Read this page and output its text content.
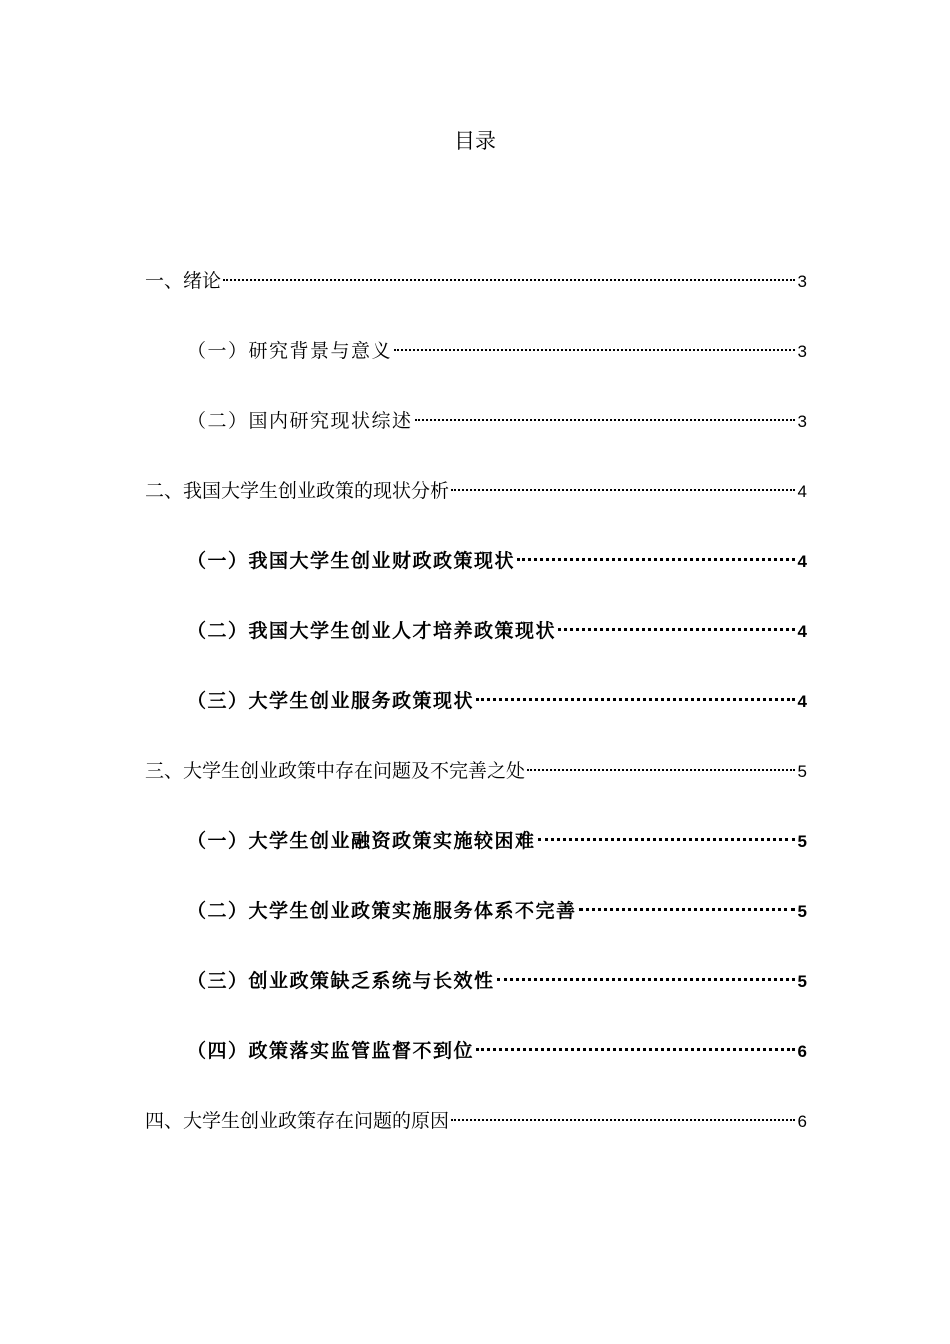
目录
一、绪论	3
（一）研究背景与意义	3
（二）国内研究现状综述	3
二、我国大学生创业政策的现状分析	4
（一）我国大学生创业财政政策现状	4
（二）我国大学生创业人才培养政策现状	4
（三）大学生创业服务政策现状	4
三、大学生创业政策中存在问题及不完善之处	5
（一）大学生创业融资政策实施较困难	5
（二）大学生创业政策实施服务体系不完善	5
（三）创业政策缺乏系统与长效性	5
（四）政策落实监管监督不到位	6
四、大学生创业政策存在问题的原因	6
